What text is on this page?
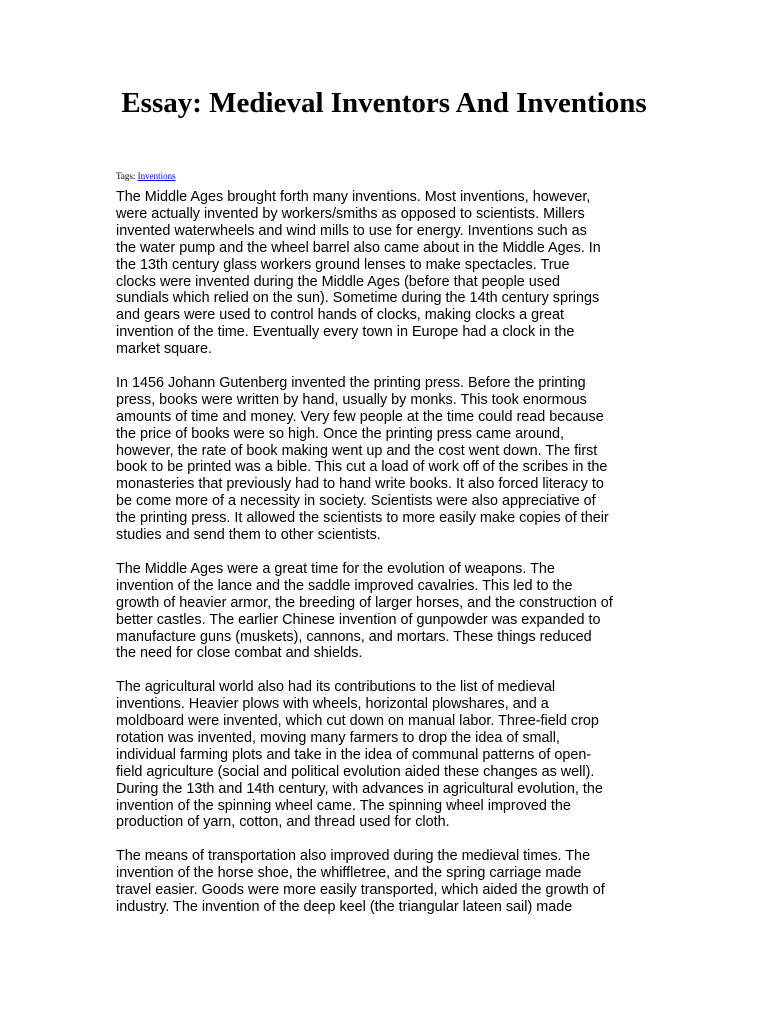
Essay: Medieval Inventors And Inventions
Tags: Inventions

The Middle Ages brought forth many inventions. Most inventions, however,
were actually invented by workers/smiths as opposed to scientists. Millers
invented waterwheels and wind mills to use for energy. Inventions such as
the water pump and the wheel barrel also came about in the Middle Ages. In
the 13th century glass workers ground lenses to make spectacles. True
clocks were invented during the Middle Ages (before that people used
sundials which relied on the sun). Sometime during the 14th century springs
and gears were used to control hands of clocks, making clocks a great
invention of the time. Eventually every town in Europe had a clock in the
market square.

In 1456 Johann Gutenberg invented the printing press. Before the printing
press, books were written by hand, usually by monks. This took enormous
amounts of time and money. Very few people at the time could read because
the price of books were so high. Once the printing press came around,
however, the rate of book making went up and the cost went down. The first
book to be printed was a bible. This cut a load of work off of the scribes in the
monasteries that previously had to hand write books. It also forced literacy to
be come more of a necessity in society. Scientists were also appreciative of
the printing press. It allowed the scientists to more easily make copies of their
studies and send them to other scientists.

The Middle Ages were a great time for the evolution of weapons. The
invention of the lance and the saddle improved cavalries. This led to the
growth of heavier armor, the breeding of larger horses, and the construction of
better castles. The earlier Chinese invention of gunpowder was expanded to
manufacture guns (muskets), cannons, and mortars. These things reduced
the need for close combat and shields.

The agricultural world also had its contributions to the list of medieval
inventions. Heavier plows with wheels, horizontal plowshares, and a
moldboard were invented, which cut down on manual labor. Three-field crop
rotation was invented, moving many farmers to drop the idea of small,
individual farming plots and take in the idea of communal patterns of open-
field agriculture (social and political evolution aided these changes as well).
During the 13th and 14th century, with advances in agricultural evolution, the
invention of the spinning wheel came. The spinning wheel improved the
production of yarn, cotton, and thread used for cloth.

The means of transportation also improved during the medieval times. The
invention of the horse shoe, the whiffletree, and the spring carriage made
travel easier. Goods were more easily transported, which aided the growth of
industry. The invention of the deep keel (the triangular lateen sail) made
